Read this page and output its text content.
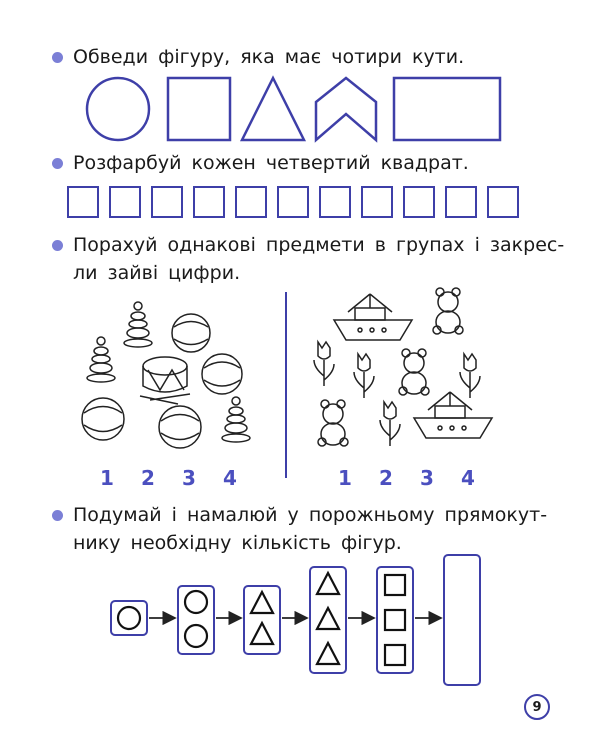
Обведи фігуру, яка має чотири кути.
Розфарбуй кожен четвертий квадрат.
Порахуй однакові предмети в групах і закрес-
ли зайві цифри.
Подумай і намалюй у порожньому прямокут-
нику необхідну кількість фігур.
1 2 3 4	1 2 3 4
9
